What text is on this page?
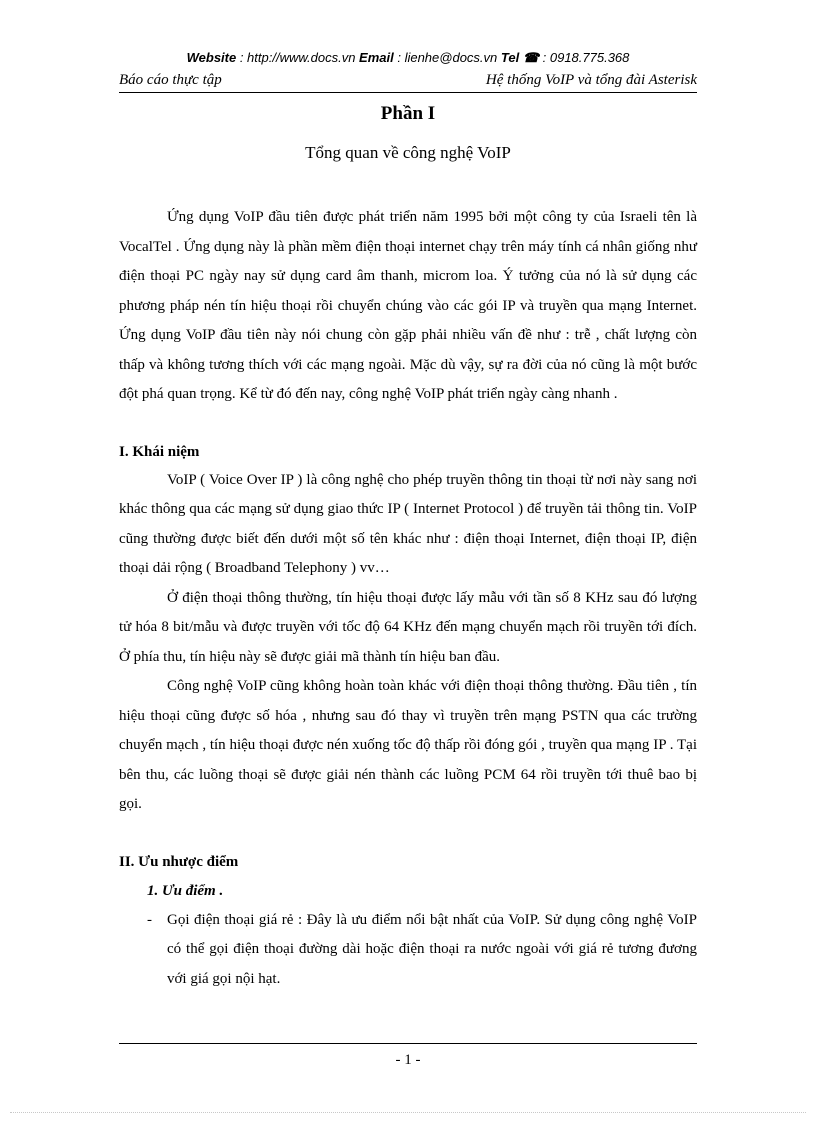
Website : http://www.docs.vn Email : lienhe@docs.vn Tel ☎ : 0918.775.368
Báo cáo thực tập	Hệ thống VoIP và tổng đài Asterisk
Phần I
Tổng quan về công nghệ VoIP

Ứng dụng VoIP đầu tiên được phát triển năm 1995 bởi một công ty của Israeli tên là VocalTel . Ứng dụng này là phần mềm điện thoại internet chạy trên máy tính cá nhân giống như điện thoại PC ngày nay sử dụng card âm thanh, microm loa. Ý tưởng của nó là sử dụng các phương pháp nén tín hiệu thoại rồi chuyển chúng vào các gói IP và truyền qua mạng Internet. Ứng dụng VoIP đầu tiên này nói chung còn gặp phải nhiều vấn đề như : trễ , chất lượng còn thấp và không tương thích với các mạng ngoài. Mặc dù vậy, sự ra đời của nó cũng là một bước đột phá quan trọng. Kể từ đó đến nay, công nghệ VoIP phát triển ngày càng nhanh .

I. Khái niệm

VoIP ( Voice Over IP ) là công nghệ cho phép truyền thông tin thoại từ nơi này sang nơi khác thông qua các mạng sử dụng giao thức IP ( Internet Protocol ) để truyền tải thông tin. VoIP cũng thường được biết đến dưới một số tên khác như : điện thoại Internet, điện thoại IP, điện thoại dải rộng ( Broadband Telephony ) vv…

Ở điện thoại thông thường, tín hiệu thoại được lấy mẫu với tần số 8 KHz sau đó lượng tử hóa 8 bit/mẫu và được truyền với tốc độ 64 KHz đến mạng chuyển mạch rồi truyền tới đích. Ở phía thu, tín hiệu này sẽ được giải mã thành tín hiệu ban đầu.

Công nghệ VoIP cũng không hoàn toàn khác với điện thoại thông thường. Đầu tiên , tín hiệu thoại cũng được số hóa , nhưng sau đó thay vì truyền trên mạng PSTN qua các trường chuyển mạch , tín hiệu thoại được nén xuống tốc độ thấp rồi đóng gói , truyền qua mạng IP . Tại bên thu, các luồng thoại sẽ được giải nén thành các luồng PCM 64 rồi truyền tới thuê bao bị gọi.

II. Ưu nhược điểm

1. Ưu điểm .

- Gọi điện thoại giá rẻ : Đây là ưu điểm nổi bật nhất của VoIP. Sử dụng công nghệ VoIP có thể gọi điện thoại đường dài hoặc điện thoại ra nước ngoài với giá rẻ tương đương với giá gọi nội hạt.

- 1 -
